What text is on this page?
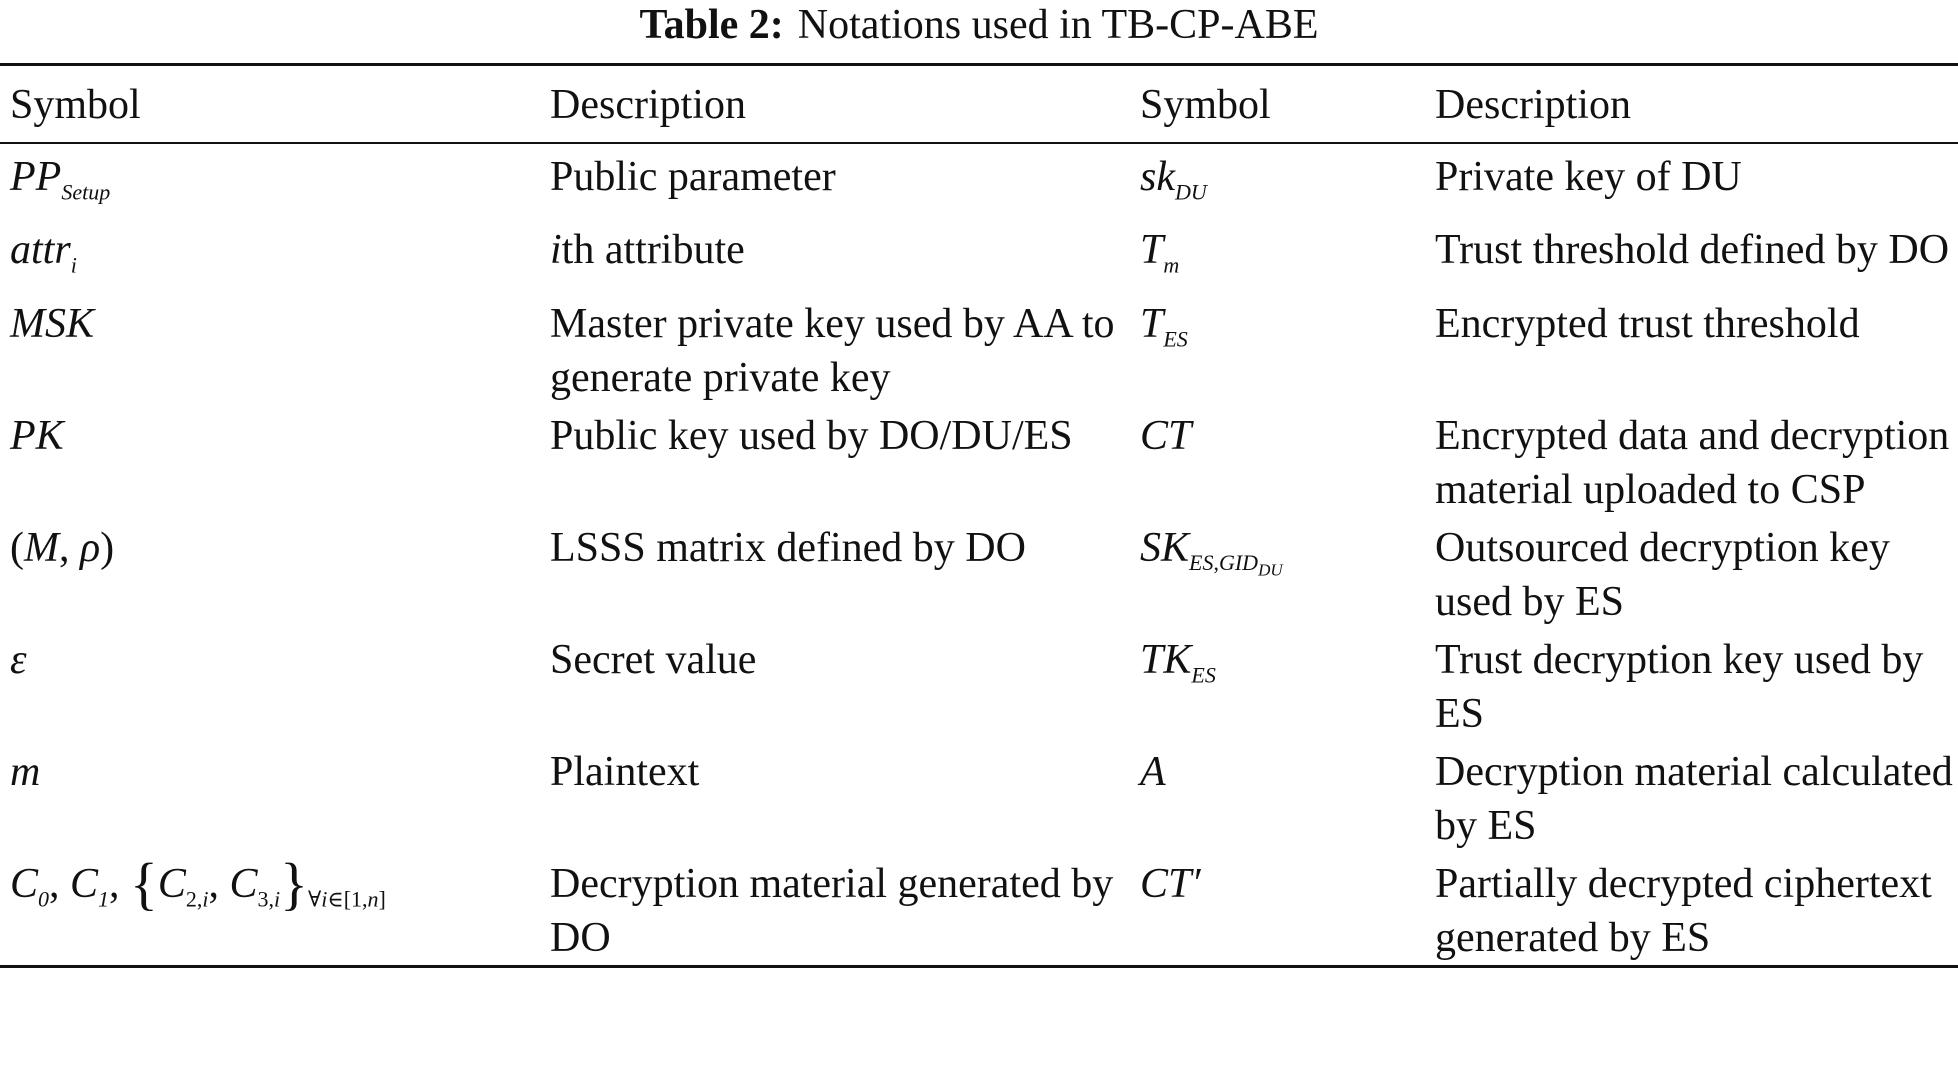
Table 2: Notations used in TB-CP-ABE
Symbol	Description	Symbol	Description
$PP_{Setup}$	Public parameter	$sk_{DU}$	Private key of DU
attr$_i$	ith attribute	$T_m$	Trust threshold defined by DO
MSK	Master private key used by AA to generate private key	$T_{ES}$	Encrypted trust threshold
PK	Public key used by DO/DU/ES	CT	Encrypted data and decryption material uploaded to CSP
(M, ρ)	LSSS matrix defined by DO	$SK_{ES,GID_{DU}}$	Outsourced decryption key used by ES
ε	Secret value	$TK_{ES}$	Trust decryption key used by ES
m	Plaintext	A	Decryption material calculated by ES
$C_0$, $C_1$, {$C_{2,i}$, $C_{3,i}\}_{\forall i\in[1,n]}$	Decryption material generated by DO	CT′	Partially decrypted ciphertext generated by ES
